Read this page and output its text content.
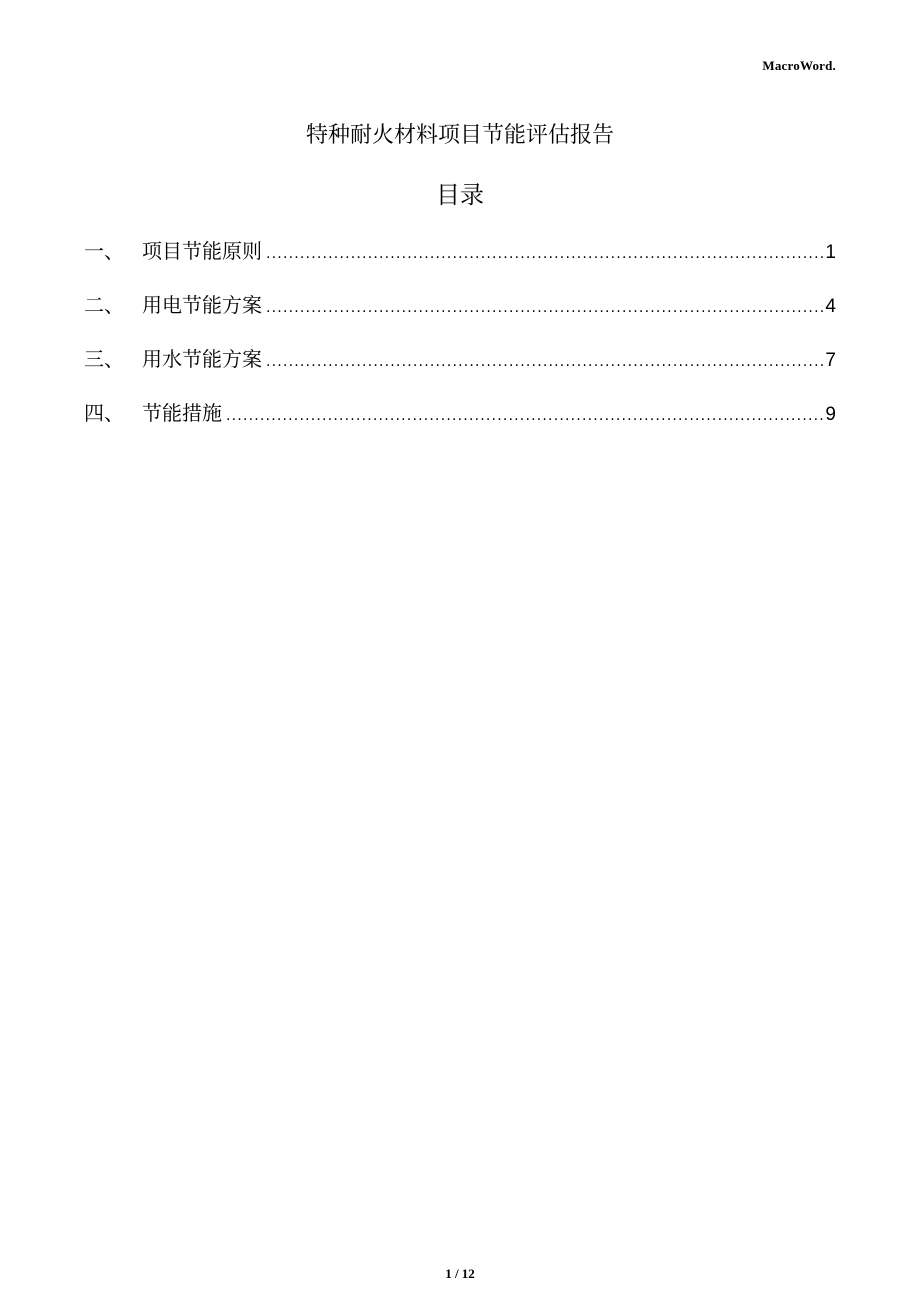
MacroWord.
特种耐火材料项目节能评估报告
目录
一、 项目节能原则 .....	1
二、 用电节能方案 .....	4
三、 用水节能方案 .....	7
四、 节能措施 .....	9
1 / 12
